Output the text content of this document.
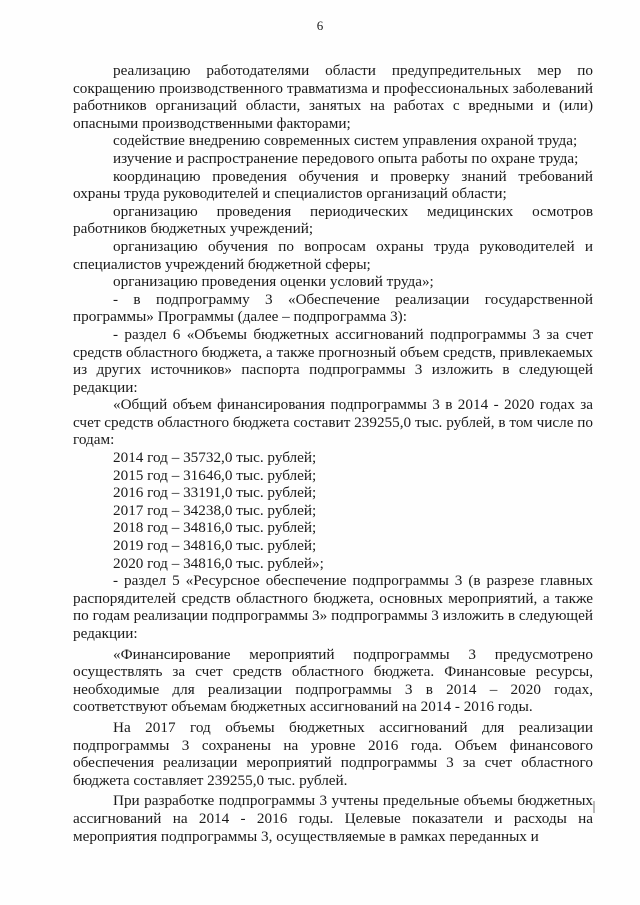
6

реализацию работодателями области предупредительных мер по сокращению производственного травматизма и профессиональных заболеваний работников организаций области, занятых на работах с вредными и (или) опасными производственными факторами;

содействие внедрению современных систем управления охраной труда;

изучение и распространение передового опыта работы по охране труда;

координацию проведения обучения и проверку знаний требований охраны труда руководителей и специалистов организаций области;

организацию проведения периодических медицинских осмотров работников бюджетных учреждений;

организацию обучения по вопросам охраны труда руководителей и специалистов учреждений бюджетной сферы;

организацию проведения оценки условий труда»;

- в подпрограмму 3 «Обеспечение реализации государственной программы» Программы (далее – подпрограмма 3):

- раздел 6 «Объемы бюджетных ассигнований подпрограммы 3 за счет средств областного бюджета, а также прогнозный объем средств, привлекаемых из других источников» паспорта подпрограммы 3 изложить в следующей редакции:

«Общий объем финансирования подпрограммы 3 в 2014 - 2020 годах за счет средств областного бюджета составит 239255,0 тыс. рублей, в том числе по годам:

2014 год – 35732,0 тыс. рублей;

2015 год – 31646,0 тыс. рублей;

2016 год – 33191,0 тыс. рублей;

2017 год – 34238,0 тыс. рублей;

2018 год – 34816,0 тыс. рублей;

2019 год – 34816,0 тыс. рублей;

2020 год – 34816,0 тыс. рублей»;

- раздел 5 «Ресурсное обеспечение подпрограммы 3 (в разрезе главных распорядителей средств областного бюджета, основных мероприятий, а также по годам реализации подпрограммы 3» подпрограммы 3 изложить в следующей редакции:

«Финансирование мероприятий подпрограммы 3 предусмотрено осуществлять за счет средств областного бюджета. Финансовые ресурсы, необходимые для реализации подпрограммы 3 в 2014 – 2020 годах, соответствуют объемам бюджетных ассигнований на 2014 - 2016 годы.

На 2017 год объемы бюджетных ассигнований для реализации подпрограммы 3 сохранены на уровне 2016 года. Объем финансового обеспечения реализации мероприятий подпрограммы 3 за счет областного бюджета составляет 239255,0 тыс. рублей.

При разработке подпрограммы 3 учтены предельные объемы бюджетных ассигнований на 2014 - 2016 годы. Целевые показатели и расходы на мероприятия подпрограммы 3, осуществляемые в рамках переданных и
